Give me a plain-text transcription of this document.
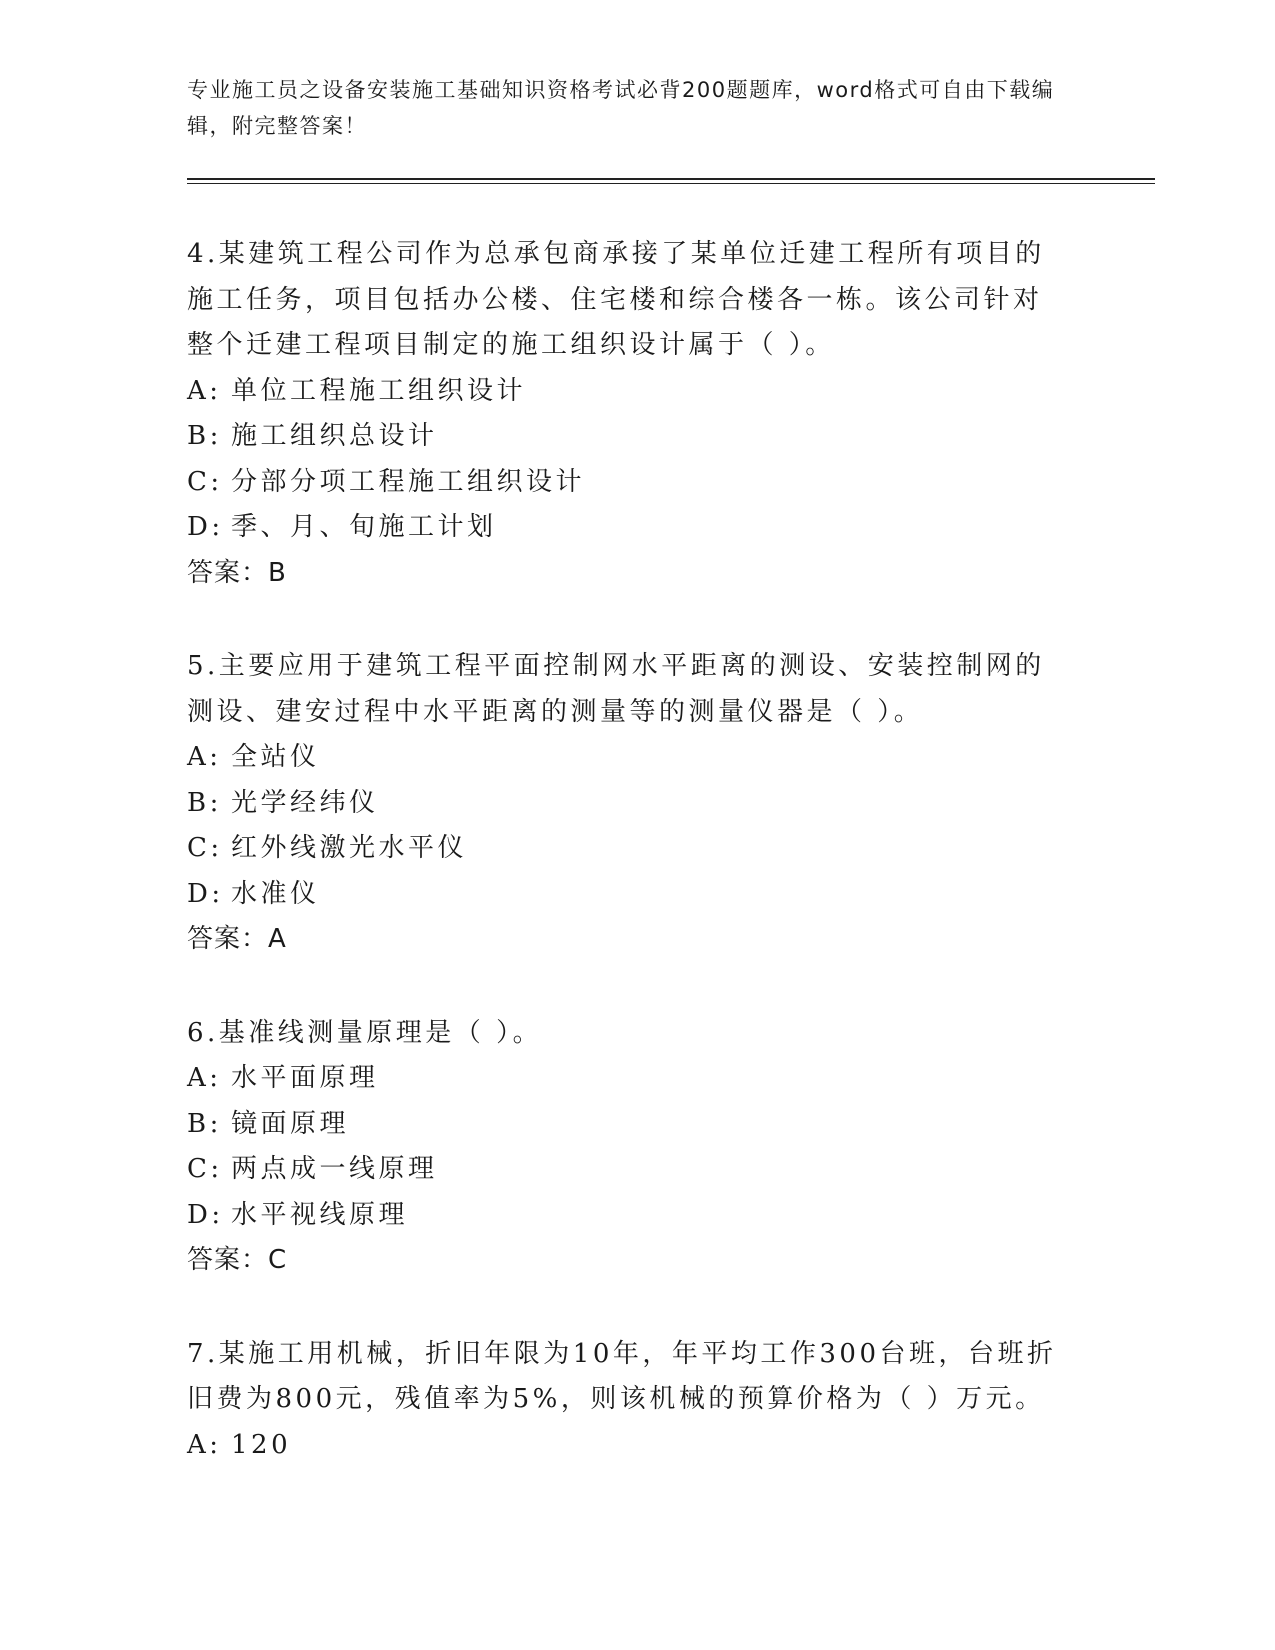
专业施工员之设备安装施工基础知识资格考试必背200题题库，word格式可自由下载编辑，附完整答案！

4.某建筑工程公司作为总承包商承接了某单位迁建工程所有项目的施工任务，项目包括办公楼、住宅楼和综合楼各一栋。该公司针对整个迁建工程项目制定的施工组织设计属于（ ）。

A: 单位工程施工组织设计

B: 施工组织总设计

C: 分部分项工程施工组织设计

D: 季、月、旬施工计划

答案：B

5.主要应用于建筑工程平面控制网水平距离的测设、安装控制网的测设、建安过程中水平距离的测量等的测量仪器是（ ）。

A: 全站仪

B: 光学经纬仪

C: 红外线激光水平仪

D: 水准仪

答案：A

6.基准线测量原理是（ ）。

A: 水平面原理

B: 镜面原理

C: 两点成一线原理

D: 水平视线原理

答案：C

7.某施工用机械，折旧年限为10年，年平均工作300台班，台班折旧费为800元，残值率为5%，则该机械的预算价格为（ ）万元。

A: 120
